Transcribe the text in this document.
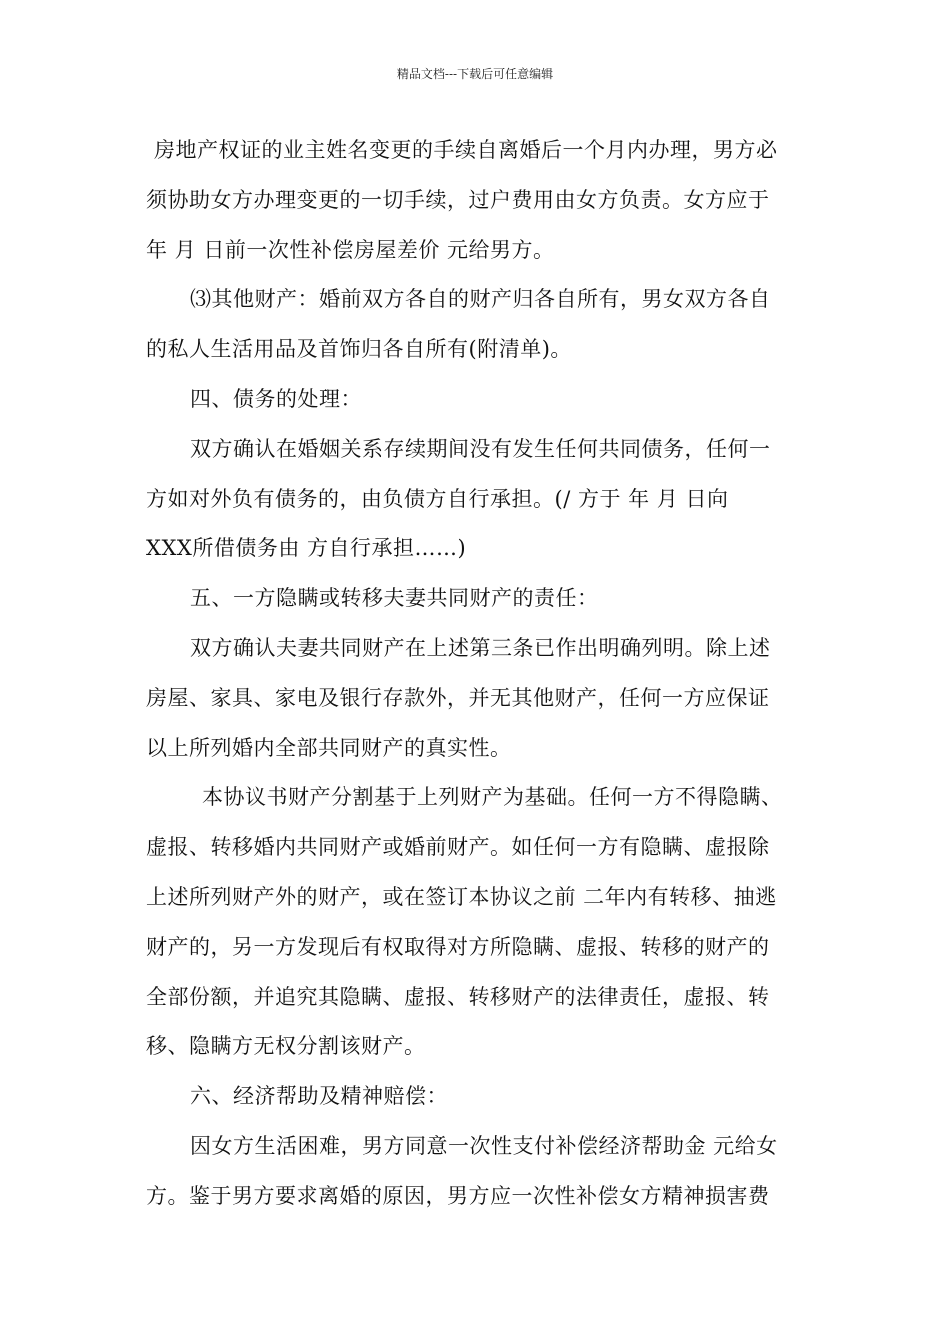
精品文档---下载后可任意编辑
房地产权证的业主姓名变更的手续自离婚后一个月内办理，男方必
须协助女方办理变更的一切手续，过户费用由女方负责。女方应于
年 月 日前一次性补偿房屋差价 元给男方。
⑶其他财产：婚前双方各自的财产归各自所有，男女双方各自
的私人生活用品及首饰归各自所有(附清单)。
四、债务的处理：
双方确认在婚姻关系存续期间没有发生任何共同债务，任何一
方如对外负有债务的，由负债方自行承担。(/ 方于 年 月 日向
XXX所借债务由 方自行承担……)
五、一方隐瞒或转移夫妻共同财产的责任：
双方确认夫妻共同财产在上述第三条已作出明确列明。除上述
房屋、家具、家电及银行存款外，并无其他财产，任何一方应保证
以上所列婚内全部共同财产的真实性。
本协议书财产分割基于上列财产为基础。任何一方不得隐瞒、
虚报、转移婚内共同财产或婚前财产。如任何一方有隐瞒、虚报除
上述所列财产外的财产，或在签订本协议之前 二年内有转移、抽逃
财产的，另一方发现后有权取得对方所隐瞒、虚报、转移的财产的
全部份额，并追究其隐瞒、虚报、转移财产的法律责任，虚报、转
移、隐瞒方无权分割该财产。
六、经济帮助及精神赔偿：
因女方生活困难，男方同意一次性支付补偿经济帮助金 元给女
方。鉴于男方要求离婚的原因，男方应一次性补偿女方精神损害费
